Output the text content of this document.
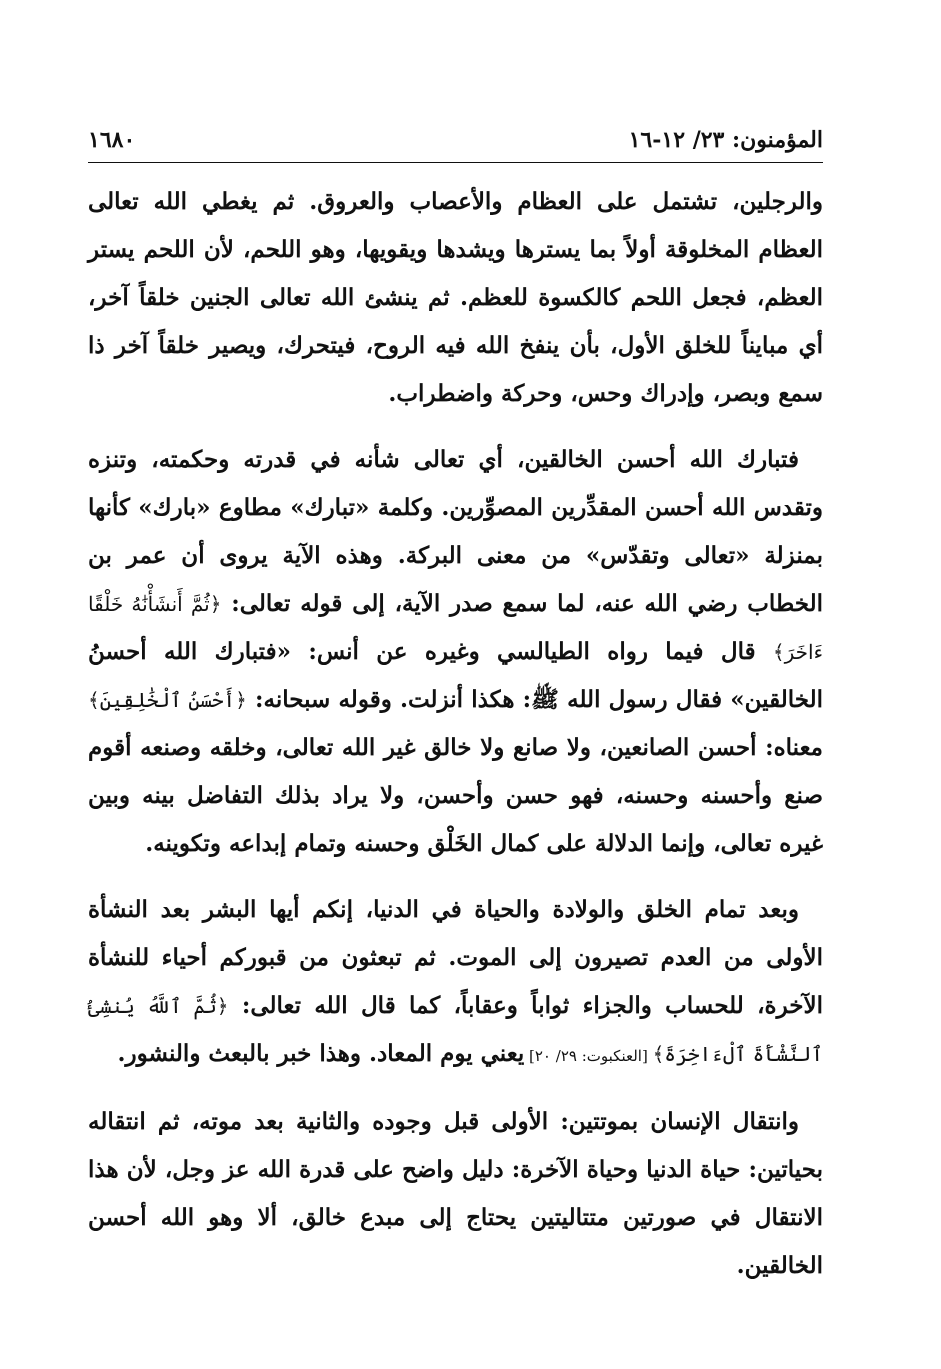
المؤمنون: ٢٣/ ١٢-١٦
١٦٨٠

والرجلين، تشتمل على العظام والأعصاب والعروق. ثم يغطي الله تعالى العظام المخلوقة أولاً بما يسترها ويشدها ويقويها، وهو اللحم، لأن اللحم يستر العظم، فجعل اللحم كالكسوة للعظم. ثم ينشئ الله تعالى الجنين خلقاً آخر، أي مبايناً للخلق الأول، بأن ينفخ الله فيه الروح، فيتحرك، ويصير خلقاً آخر ذا سمع وبصر، وإدراك وحس، وحركة واضطراب.

فتبارك الله أحسن الخالقين، أي تعالى شأنه في قدرته وحكمته، وتنزه وتقدس الله أحسن المقدِّرين المصوِّرين. وكلمة «تبارك» مطاوع «بارك» كأنها بمنزلة «تعالى وتقدّس» من معنى البركة. وهذه الآية يروى أن عمر بن الخطاب رضي الله عنه، لما سمع صدر الآية، إلى قوله تعالى: ﴿ثُمَّ أَنشَأْنَٰهُ خَلْقًا ءَاخَرَ﴾ قال فيما رواه الطيالسي وغيره عن أنس: «فتبارك الله أحسنُ الخالقين» فقال رسول الله ﷺ: هكذا أنزلت. وقوله سبحانه: ﴿أَحْسَنُ ٱلْخَٰلِقِينَ﴾ معناه: أحسن الصانعين، ولا صانع ولا خالق غير الله تعالى، وخلقه وصنعه أقوم صنع وأحسنه وحسنه، فهو حسن وأحسن، ولا يراد بذلك التفاضل بينه وبين غيره تعالى، وإنما الدلالة على كمال الخَلْق وحسنه وتمام إبداعه وتكوينه.

وبعد تمام الخلق والولادة والحياة في الدنيا، إنكم أيها البشر بعد النشأة الأولى من العدم تصيرون إلى الموت. ثم تبعثون من قبوركم أحياء للنشأة الآخرة، للحساب والجزاء ثواباً وعقاباً، كما قال الله تعالى: ﴿ثُمَّ ٱللَّهُ يُنشِئُ ٱلنَّشْأَةَ ٱلْءَاخِرَةَ﴾ [العنكبوت: ٢٩/ ٢٠] يعني يوم المعاد. وهذا خبر بالبعث والنشور.

وانتقال الإنسان بموتتين: الأولى قبل وجوده والثانية بعد موته، ثم انتقاله بحياتين: حياة الدنيا وحياة الآخرة: دليل واضح على قدرة الله عز وجل، لأن هذا الانتقال في صورتين متتاليتين يحتاج إلى مبدع خالق، ألا وهو الله أحسن الخالقين.
